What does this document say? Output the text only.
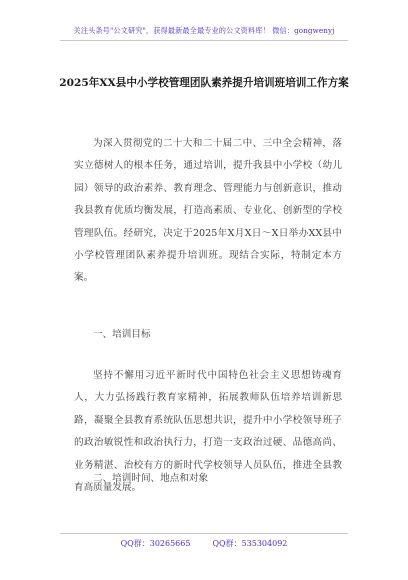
关注头条号"公文研究"，获得最新最全最专业的公文资料库！ 微信：gongwenyj
2025年XX县中小学校管理团队素养提升培训班培训工作方案

为深入贯彻党的二十大和二十届二中、三中全会精神，落实立德树人的根本任务，通过培训，提升我县中小学校（幼儿园）领导的政治素养、教育理念、管理能力与创新意识，推动我县教育优质均衡发展，打造高素质、专业化、创新型的学校管理队伍。经研究，决定于2025年X月X日～X日举办XX县中小学校管理团队素养提升培训班。现结合实际，特制定本方案。

一、培训目标

坚持不懈用习近平新时代中国特色社会主义思想铸魂育人，大力弘扬践行教育家精神，拓展教师队伍培养培训新思路，凝聚全县教育系统队伍思想共识，提升中小学校领导班子的政治敏锐性和政治执行力，打造一支政治过硬、品德高尚、业务精湛、治校有方的新时代学校领导人员队伍，推进全县教育高质量发展。

二、培训时间、地点和对象

QQ群：30265665	QQ群：535304092
